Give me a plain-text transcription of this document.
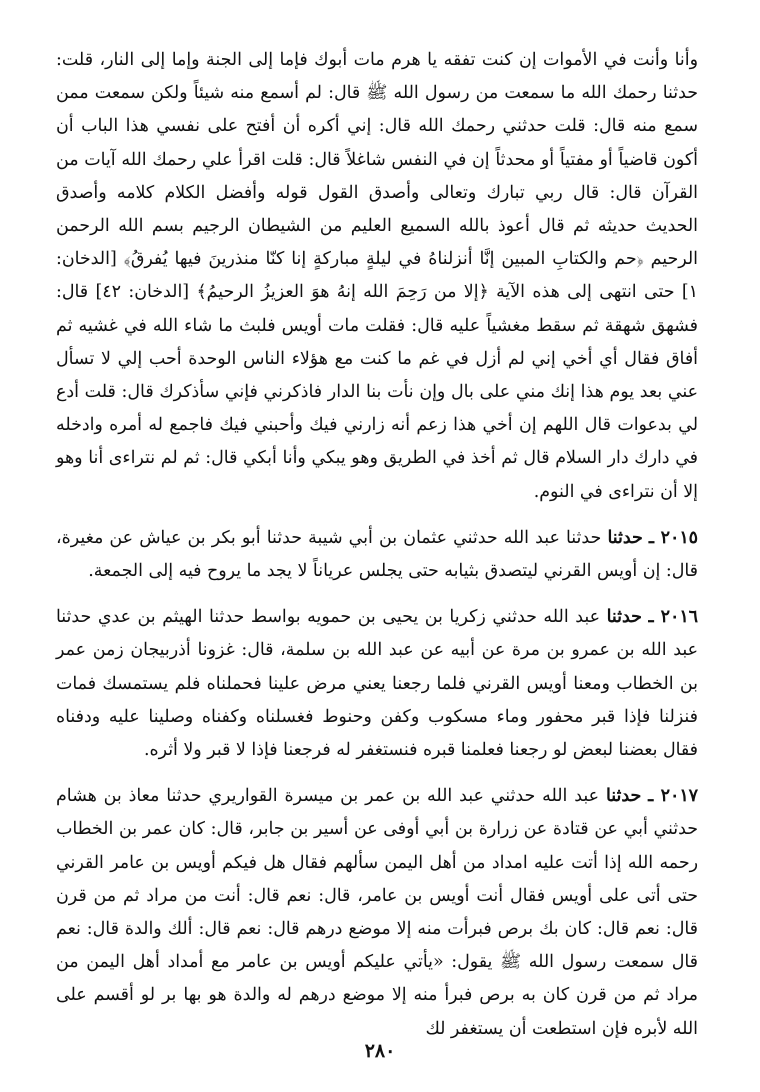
وأنا وأنت في الأموات إن كنت تفقه يا هرم مات أبوك فإما إلى الجنة وإما إلى النار، قلت: حدثنا رحمك الله ما سمعت من رسول الله ﷺ قال: لم أسمع منه شيئاً ولكن سمعت ممن سمع منه قال: قلت حدثني رحمك الله قال: إني أكره أن أفتح على نفسي هذا الباب أن أكون قاضياً أو مفتياً أو محدثاً إن في النفس شاغلاً قال: قلت اقرأ علي رحمك الله آيات من القرآن قال: قال ربي تبارك وتعالى وأصدق القول قوله وأفضل الكلام كلامه وأصدق الحديث حديثه ثم قال أعوذ بالله السميع العليم من الشيطان الرجيم بسم الله الرحمن الرحيم ﴿حم والكتابِ المبين إنَّا أنزلناهُ في ليلةٍ مباركةٍ إنا كنّا منذرينَ فيها يُفرقُ﴾ [الدخان: ١] حتى انتهى إلى هذه الآية ﴿إلا من رَحِمَ الله إنهُ هوَ العزيزُ الرحيمُ﴾ [الدخان: ٤٢] قال: فشهق شهقة ثم سقط مغشياً عليه قال: فقلت مات أويس فلبث ما شاء الله في غشيه ثم أفاق فقال أي أخي إني لم أزل في غم ما كنت مع هؤلاء الناس الوحدة أحب إلي لا تسأل عني بعد يوم هذا إنك مني على بال وإن نأت بنا الدار فاذكرني فإني سأذكرك قال: قلت أدع لي بدعوات قال اللهم إن أخي هذا زعم أنه زارني فيك وأحبني فيك فاجمع له أمره وادخله في دارك دار السلام قال ثم أخذ في الطريق وهو يبكي وأنا أبكي قال: ثم لم نتراءى أنا وهو إلا أن نتراءى في النوم.

٢٠١٥ ـ حدثنا حدثنا عبد الله حدثني عثمان بن أبي شيبة حدثنا أبو بكر بن عياش عن مغيرة، قال: إن أويس القرني ليتصدق بثيابه حتى يجلس عرياناً لا يجد ما يروح فيه إلى الجمعة.

٢٠١٦ ـ حدثنا عبد الله حدثني زكريا بن يحيى بن حمويه بواسط حدثنا الهيثم بن عدي حدثنا عبد الله بن عمرو بن مرة عن أبيه عن عبد الله بن سلمة، قال: غزونا أذربيجان زمن عمر بن الخطاب ومعنا أويس القرني فلما رجعنا يعني مرض علينا فحملناه فلم يستمسك فمات فنزلنا فإذا قبر محفور وماء مسكوب وكفن وحنوط فغسلناه وكفناه وصلينا عليه ودفناه فقال بعضنا لبعض لو رجعنا فعلمنا قبره فنستغفر له فرجعنا فإذا لا قبر ولا أثره.

٢٠١٧ ـ حدثنا عبد الله حدثني عبد الله بن عمر بن ميسرة القواريري حدثنا معاذ بن هشام حدثني أبي عن قتادة عن زرارة بن أبي أوفى عن أسير بن جابر، قال: كان عمر بن الخطاب رحمه الله إذا أتت عليه امداد من أهل اليمن سألهم فقال هل فيكم أويس بن عامر القرني حتى أتى على أويس فقال أنت أويس بن عامر، قال: نعم قال: أنت من مراد ثم من قرن قال: نعم قال: كان بك برص فبرأت منه إلا موضع درهم قال: نعم قال: ألك والدة قال: نعم قال سمعت رسول الله ﷺ يقول: «يأتي عليكم أويس بن عامر مع أمداد أهل اليمن من مراد ثم من قرن كان به برص فبرأ منه إلا موضع درهم له والدة هو بها بر لو أقسم على الله لأبره فإن استطعت أن يستغفر لك

٢٨٠
